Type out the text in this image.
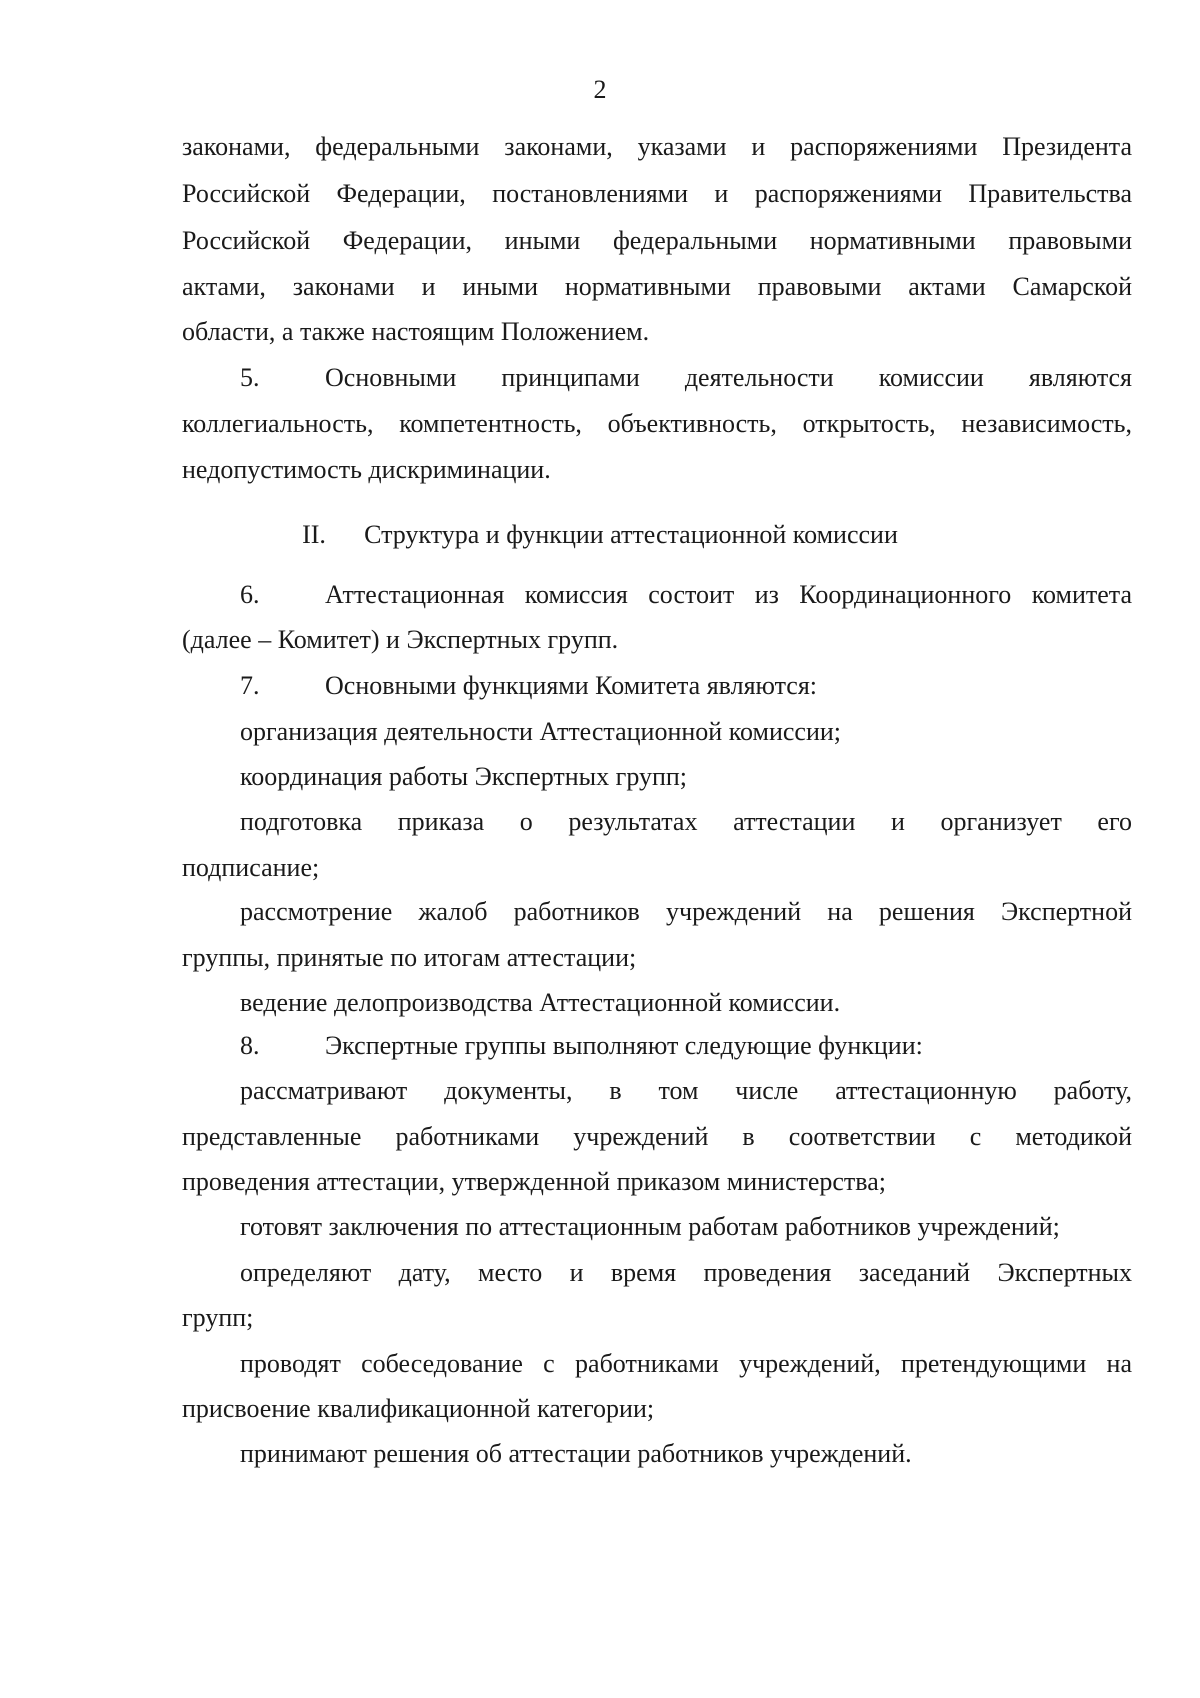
2
законами, федеральными законами, указами и распоряжениями Президента
Российской Федерации, постановлениями и распоряжениями Правительства
Российской Федерации, иными федеральными нормативными правовыми
актами, законами и иными нормативными правовыми актами Самарской
области, а также настоящим Положением.
5.	Основными принципами деятельности комиссии являются
коллегиальность, компетентность, объективность, открытость, независимость,
недопустимость дискриминации.
II. Структура и функции аттестационной комиссии
6.	Аттестационная комиссия состоит из Координационного комитета
(далее – Комитет) и Экспертных групп.
7.	Основными функциями Комитета являются:
организация деятельности Аттестационной комиссии;
координация работы Экспертных групп;
подготовка приказа о результатах аттестации и организует его
подписание;
рассмотрение жалоб работников учреждений на решения Экспертной
группы, принятые по итогам аттестации;
ведение делопроизводства Аттестационной комиссии.
8.	Экспертные группы выполняют следующие функции:
рассматривают документы, в том числе аттестационную работу,
представленные работниками учреждений в соответствии с методикой
проведения аттестации, утвержденной приказом министерства;
готовят заключения по аттестационным работам работников учреждений;
определяют дату, место и время проведения заседаний Экспертных
групп;
проводят собеседование с работниками учреждений, претендующими на
присвоение квалификационной категории;
принимают решения об аттестации работников учреждений.
